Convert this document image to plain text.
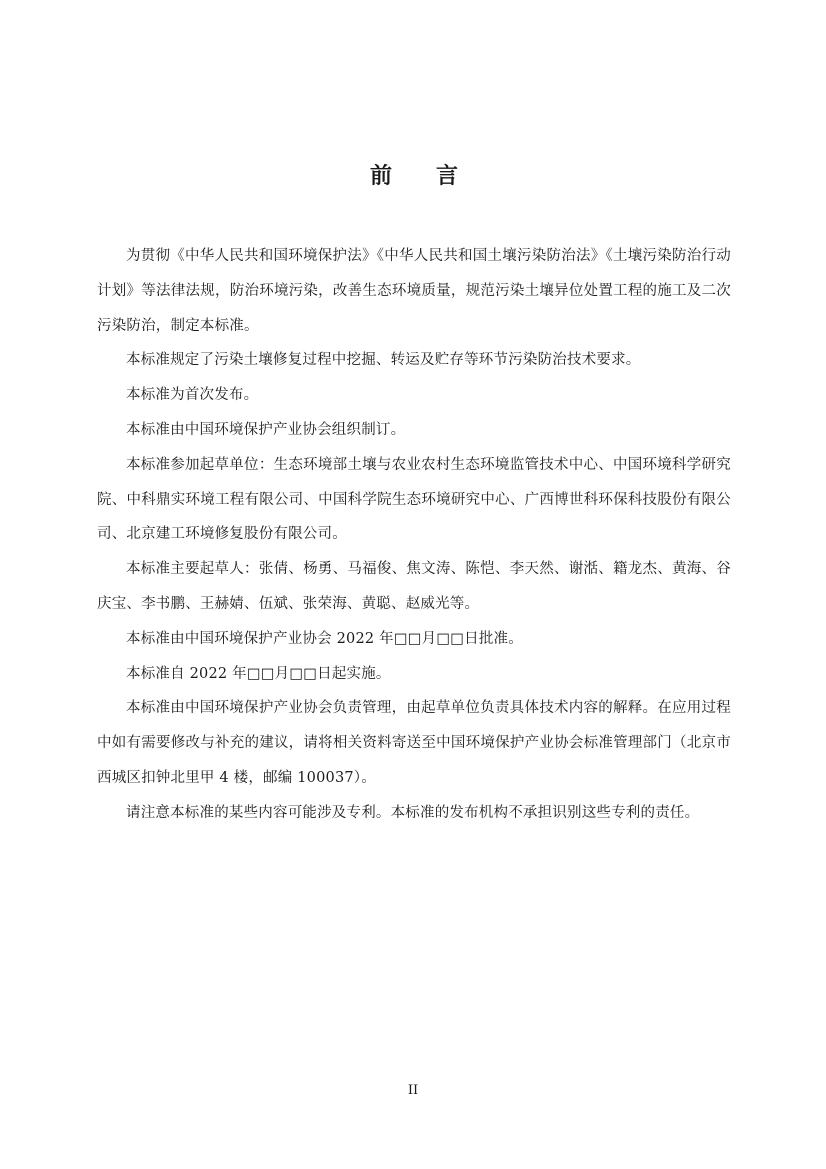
前　　言

为贯彻《中华人民共和国环境保护法》《中华人民共和国土壤污染防治法》《土壤污染防治行动计划》等法律法规，防治环境污染，改善生态环境质量，规范污染土壤异位处置工程的施工及二次污染防治，制定本标准。

本标准规定了污染土壤修复过程中挖掘、转运及贮存等环节污染防治技术要求。

本标准为首次发布。

本标准由中国环境保护产业协会组织制订。

本标准参加起草单位：生态环境部土壤与农业农村生态环境监管技术中心、中国环境科学研究院、中科鼎实环境工程有限公司、中国科学院生态环境研究中心、广西博世科环保科技股份有限公司、北京建工环境修复股份有限公司。

本标准主要起草人：张倩、杨勇、马福俊、焦文涛、陈恺、李天然、谢湉、籍龙杰、黄海、谷庆宝、李书鹏、王赫婧、伍斌、张荣海、黄聪、赵威光等。

本标准由中国环境保护产业协会 2022 年□□月□□日批准。

本标准自 2022 年□□月□□日起实施。

本标准由中国环境保护产业协会负责管理，由起草单位负责具体技术内容的解释。在应用过程中如有需要修改与补充的建议，请将相关资料寄送至中国环境保护产业协会标准管理部门（北京市西城区扣钟北里甲 4 楼，邮编 100037）。

请注意本标准的某些内容可能涉及专利。本标准的发布机构不承担识别这些专利的责任。

II
